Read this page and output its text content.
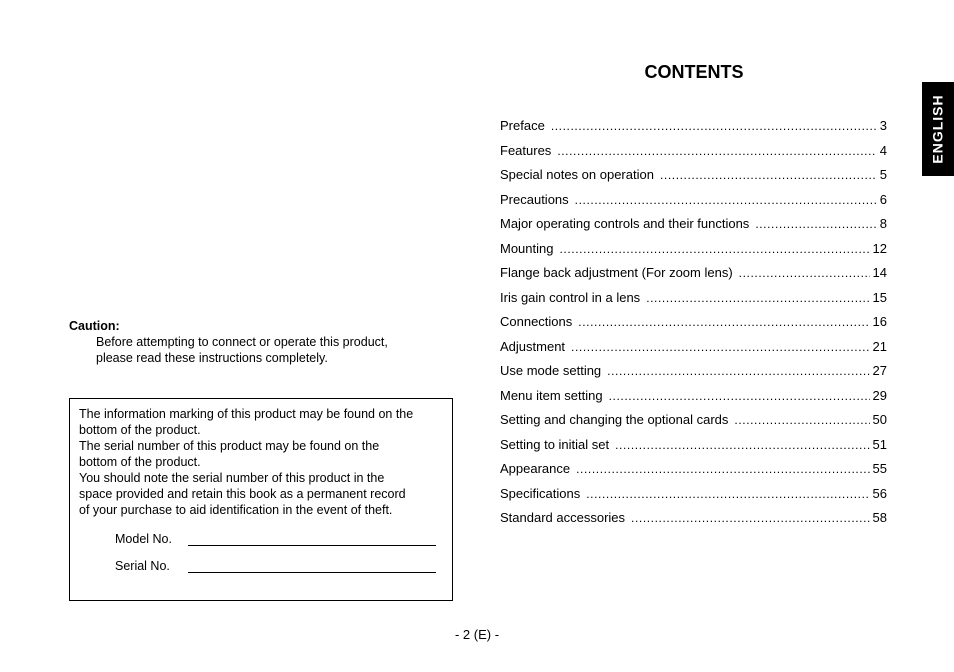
Caution:
Before attempting to connect or operate this product,
please read these instructions completely.
The information marking of this product may be found on the
bottom of the product.
The serial number of this product may be found on the
bottom of the product.
You should note the serial number of this product in the
space provided and retain this book as a permanent record
of your purchase to aid identification in the event of theft.
Model No.
Serial No.
CONTENTS
Preface .....	3
Features .....	4
Special notes on operation .....	5
Precautions .....	6
Major operating controls and their functions .....	8
Mounting .....	12
Flange back adjustment (For zoom lens) .....	14
Iris gain control in a lens .....	15
Connections .....	16
Adjustment .....	21
Use mode setting .....	27
Menu item setting .....	29
Setting and changing the optional cards .....	50
Setting to initial set .....	51
Appearance .....	55
Specifications .....	56
Standard accessories .....	58
ENGLISH
- 2 (E) -
